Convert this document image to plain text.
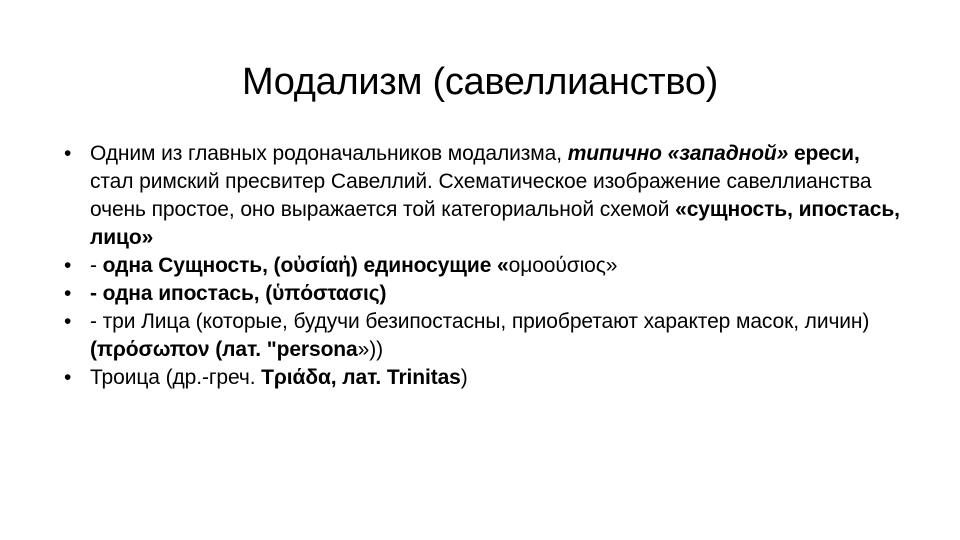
Модализм (савеллианство)
• Одним из главных родоначальников модализма, типично «западной» ереси, стал римский пресвитер Савеллий. Схематическое изображение савеллианства очень простое, оно выражается той категориальной схемой «сущность, ипостась, лицо»
• - одна Сущность, (οὐσίαἠ) единосущие «ομοούσιος»
• - одна ипостась, (ὑπόστασις)
• - три Лица (которые, будучи безипостасны, приобретают характер масок, личин) (πρόσωπον (лат. "persona»))
• Троица (др.-греч. Τριάδα, лат. Trinitas)
